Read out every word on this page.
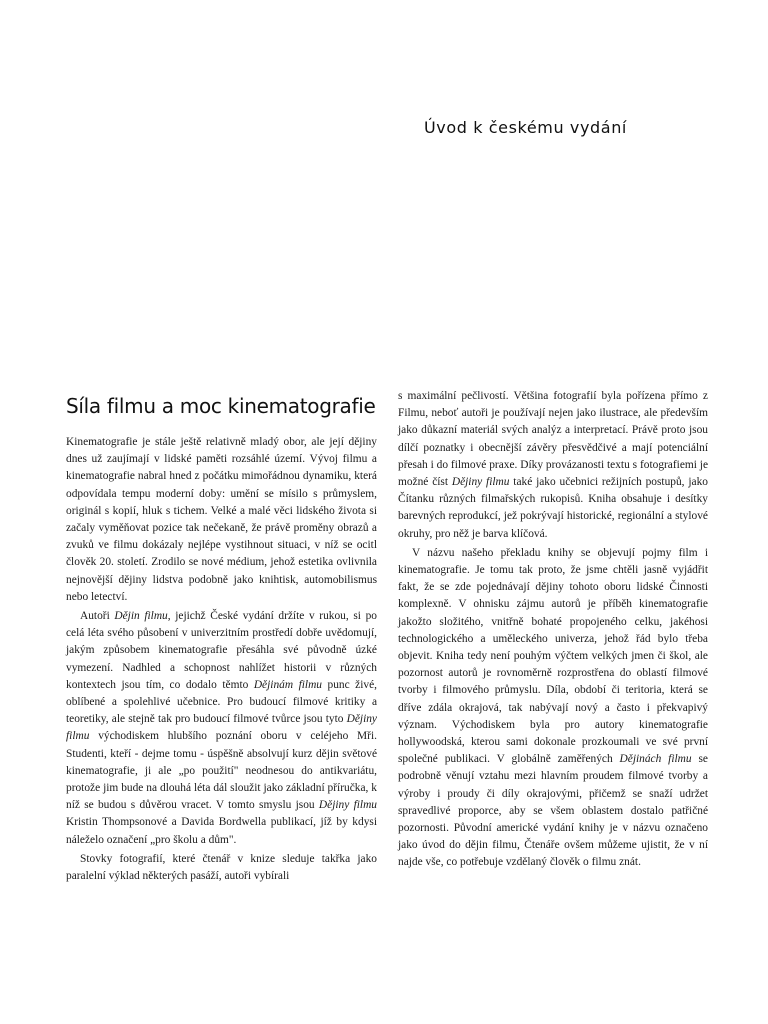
Úvod k českému vydání
Síla filmu a moc kinematografie

Kinematografie je stále ještě relativně mladý obor, ale její dějiny dnes už zaujímají v lidské paměti rozsáhlé území. Vývoj filmu a kinematografie nabral hned z počátku mimořádnou dynamiku, která odpovídala tempu moderní doby: umění se mísilo s průmyslem, originál s kopií, hluk s tichem. Velké a malé věci lidského života si začaly vyměňovat pozice tak nečekaně, že právě proměny obrazů a zvuků ve filmu dokázaly nejlépe vystihnout situaci, v níž se ocitl člověk 20. století. Zrodilo se nové médium, jehož estetika ovlivnila nejnovější dějiny lidstva podobně jako knihtisk, automobilismus nebo letectví.

Autoři Dějin filmu, jejichž České vydání držíte v rukou, si po celá léta svého působení v univerzitním prostředí dobře uvědomují, jakým způsobem kinematografie přesáhla své původně úzké vymezení. Nadhled a schopnost nahlížet historii v různých kontextech jsou tím, co dodalo těmto Dějinám filmu punc živé, oblíbené a spolehlivé učebnice. Pro budoucí filmové kritiky a teoretiky, ale stejně tak pro budoucí filmové tvůrce jsou tyto Dějiny filmu východiskem hlubšího poznání oboru v celéjeho Mři. Studenti, kteří - dejme tomu - úspěšně absolvují kurz dějin světové kinematografie, ji ale „po použití" neodnesou do antikvariátu, protože jim bude na dlouhá léta dál sloužit jako základní příručka, k níž se budou s důvěrou vracet. V tomto smyslu jsou Dějiny filmu Kristin Thompsonové a Davida Bordwella publikací, jíž by kdysi náleželo označení „pro školu a dům".

Stovky fotografií, které čtenář v knize sleduje takřka jako paralelní výklad některých pasáží, autoři vybírali

s maximální pečlivostí. Většina fotografií byla pořízena přímo z Filmu, neboť autoři je používají nejen jako ilustrace, ale především jako důkazní materiál svých analýz a interpretací. Právě proto jsou dílčí poznatky i obecnější závěry přesvědčivé a mají potenciální přesah i do filmové praxe. Díky provázanosti textu s fotografiemi je možné číst Dějiny filmu také jako učebnici režijních postupů, jako Čítanku různých filmařských rukopisů. Kniha obsahuje i desítky barevných reprodukcí, jež pokrývají historické, regionální a stylové okruhy, pro něž je barva klíčová.

V názvu našeho překladu knihy se objevují pojmy film i kinematografie. Je tomu tak proto, že jsme chtěli jasně vyjádřit fakt, že se zde pojednávají dějiny tohoto oboru lidské Činnosti komplexně. V ohnisku zájmu autorů je příběh kinematografie jakožto složitého, vnitřně bohaté propojeného celku, jakéhosi technologického a uměleckého univerza, jehož řád bylo třeba objevit. Kniha tedy není pouhým výčtem velkých jmen či škol, ale pozornost autorů je rovnoměrně rozprostřena do oblastí filmové tvorby i filmového průmyslu. Díla, období či teritoria, která se dříve zdála okrajová, tak nabývají nový a často i překvapivý význam. Východiskem byla pro autory kinematografie hollywoodská, kterou sami dokonale prozkoumali ve své první společné publikaci. V globálně zaměřených Dějinách filmu se podrobně věnují vztahu mezi hlavním proudem filmové tvorby a výroby i proudy či díly okrajovými, přičemž se snaží udržet spravedlivé proporce, aby se všem oblastem dostalo patřičné pozornosti. Původní americké vydání knihy je v názvu označeno jako úvod do dějin filmu, Čtenáře ovšem můžeme ujistit, že v ní najde vše, co potřebuje vzdělaný člověk o filmu znát.
